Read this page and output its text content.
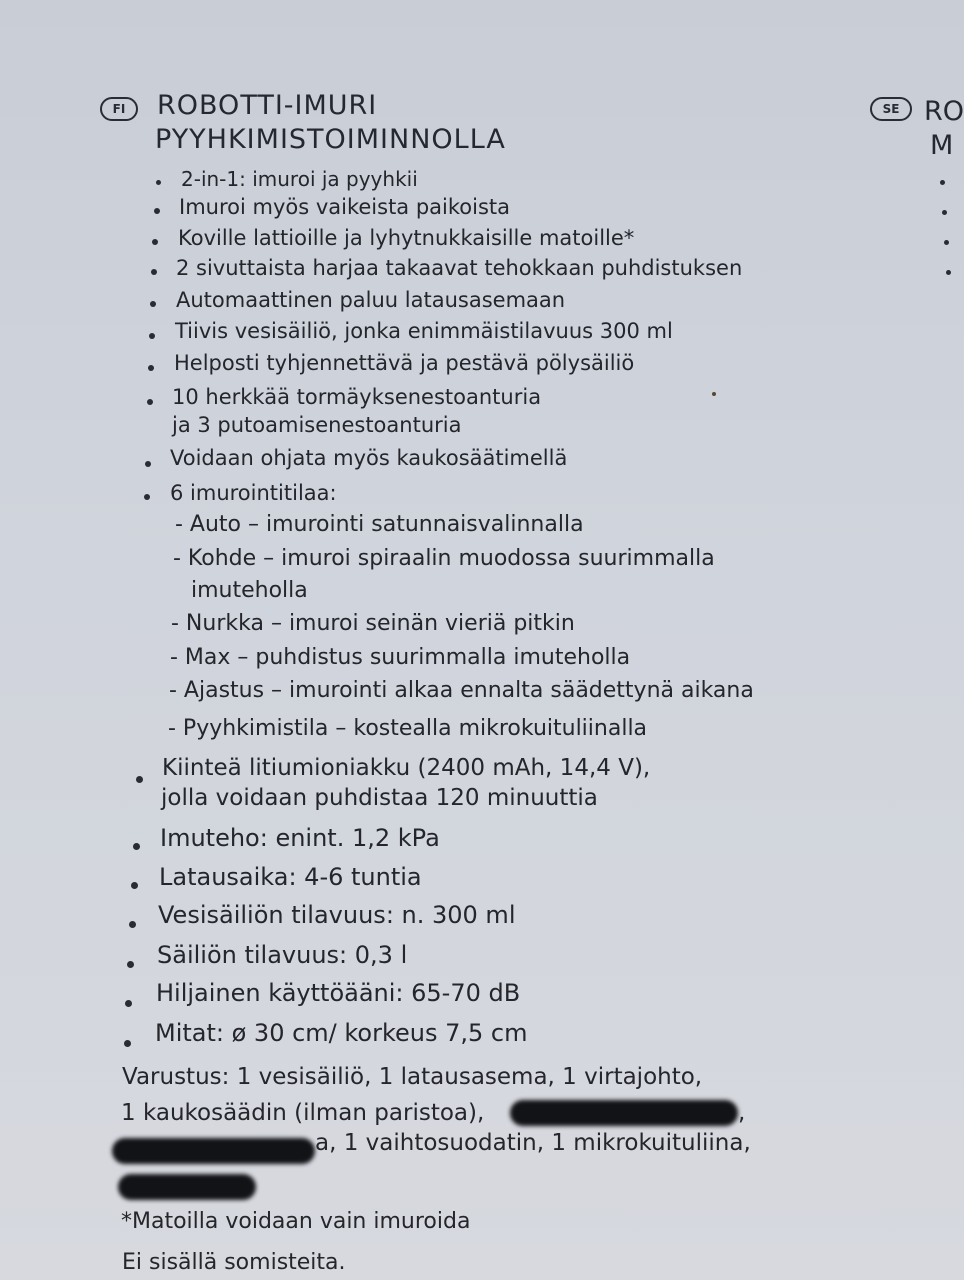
FI	ROBOTTI-IMURI
PYYHKIMISTOIMINNOLLA
SE RO
M
2-in-1: imuroi ja pyyhkii
Imuroi myös vaikeista paikoista
Koville lattioille ja lyhytnukkaisille matoille*
2 sivuttaista harjaa takaavat tehokkaan puhdistuksen
Automaattinen paluu latausasemaan
Tiivis vesisäiliö, jonka enimmäistilavuus 300 ml
Helposti tyhjennettävä ja pestävä pölysäiliö
10 herkkää tormäyksenestoanturia
ja 3 putoamisenestoanturia
Voidaan ohjata myös kaukosäätimellä
6 imurointitilaa:
- Auto – imurointi satunnaisvalinnalla
- Kohde – imuroi spiraalin muodossa suurimmalla
imuteholla
- Nurkka – imuroi seinän vieriä pitkin
- Max – puhdistus suurimmalla imuteholla
- Ajastus – imurointi alkaa ennalta säädettynä aikana
- Pyyhkimistila – kostealla mikrokuituliinalla
Kiinteä litiumioniakku (2400 mAh, 14,4 V),
jolla voidaan puhdistaa 120 minuuttia
Imuteho: enint. 1,2 kPa
Latausaika: 4-6 tuntia
Vesisäiliön tilavuus: n. 300 ml
Säiliön tilavuus: 0,3 l
Hiljainen käyttöääni: 65-70 dB
Mitat: ø 30 cm/ korkeus 7,5 cm
Varustus: 1 vesisäiliö, 1 latausasema, 1 virtajohto,
1 kaukosäädin (ilman paristoa),	,
a, 1 vaihtosuodatin, 1 mikrokuituliina,
*Matoilla voidaan vain imuroida
Ei sisällä somisteita.
